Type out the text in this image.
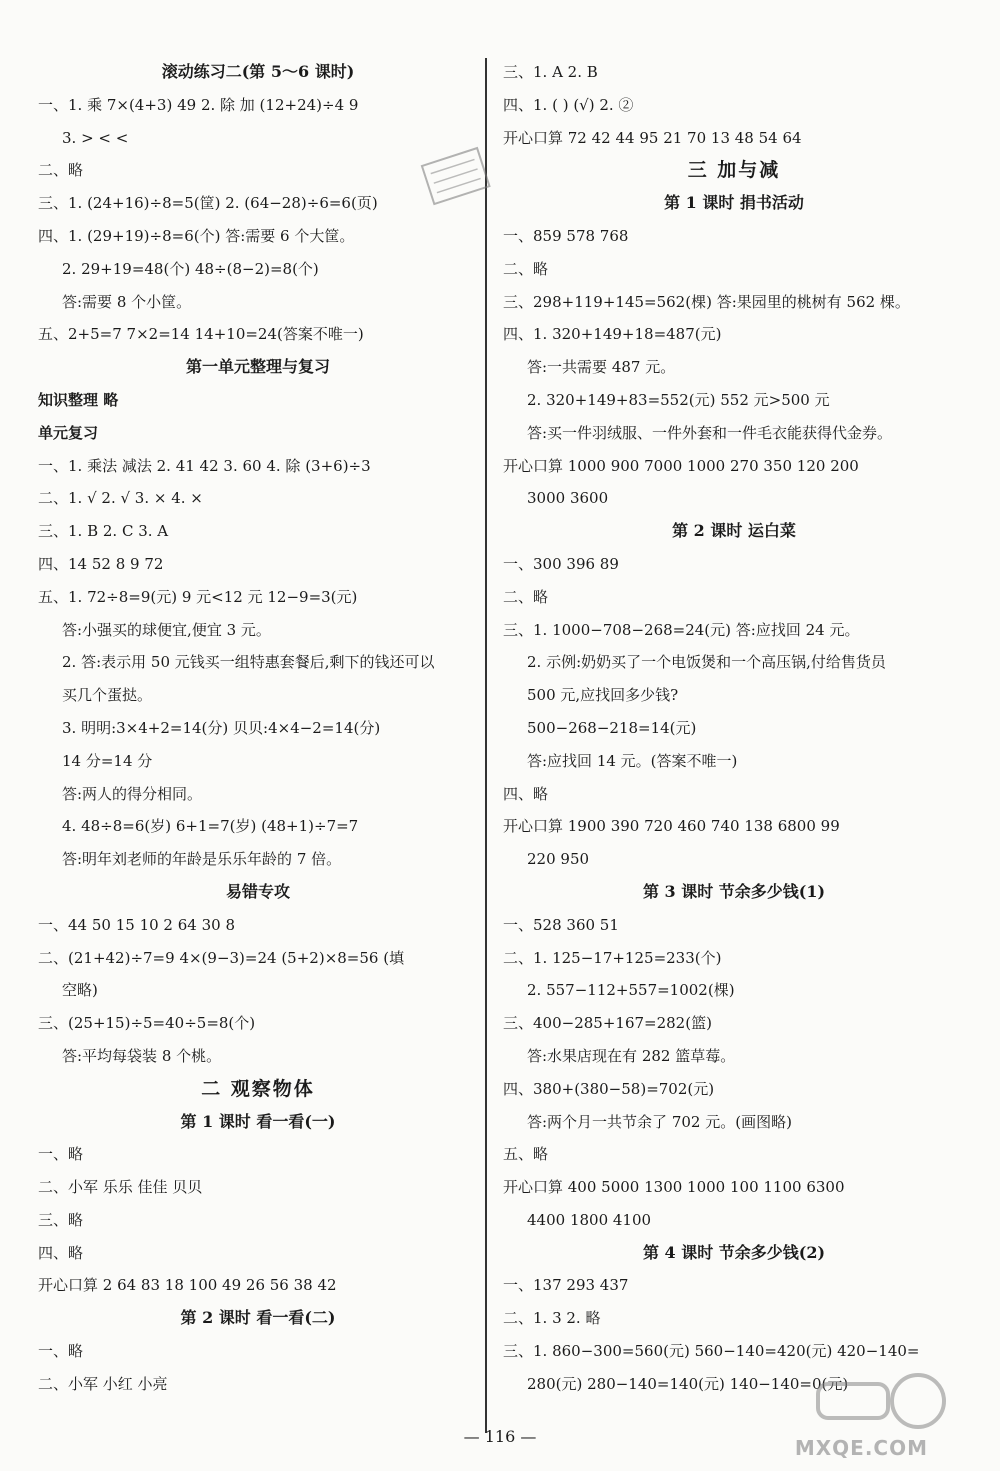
滚动练习二(第 5～6 课时)
一、1. 乘 7×(4+3) 49 2. 除 加 (12+24)÷4 9
3. > < <
二、略
三、1. (24+16)÷8=5(筐) 2. (64−28)÷6=6(页)
四、1. (29+19)÷8=6(个) 答:需要 6 个大筐。
2. 29+19=48(个) 48÷(8−2)=8(个)
答:需要 8 个小筐。
五、2+5=7 7×2=14 14+10=24(答案不唯一)
第一单元整理与复习
知识整理 略
单元复习
一、1. 乘法 减法 2. 41 42 3. 60 4. 除 (3+6)÷3
二、1. √ 2. √ 3. × 4. ×
三、1. B 2. C 3. A
四、14 52 8 9 72
五、1. 72÷8=9(元) 9 元<12 元 12−9=3(元)
答:小强买的球便宜,便宜 3 元。
2. 答:表示用 50 元钱买一组特惠套餐后,剩下的钱还可以
买几个蛋挞。
3. 明明:3×4+2=14(分) 贝贝:4×4−2=14(分)
14 分=14 分
答:两人的得分相同。
4. 48÷8=6(岁) 6+1=7(岁) (48+1)÷7=7
答:明年刘老师的年龄是乐乐年龄的 7 倍。
易错专攻
一、44 50 15 10 2 64 30 8
二、(21+42)÷7=9 4×(9−3)=24 (5+2)×8=56 (填
空略)
三、(25+15)÷5=40÷5=8(个)
答:平均每袋装 8 个桃。
二 观察物体
第 1 课时 看一看(一)
一、略
二、小军 乐乐 佳佳 贝贝
三、略
四、略
开心口算 2 64 83 18 100 49 26 56 38 42
第 2 课时 看一看(二)
一、略
二、小军 小红 小亮
三、1. A 2. B
四、1. ( ) (√) 2. ②
开心口算 72 42 44 95 21 70 13 48 54 64
三 加与减
第 1 课时 捐书活动
一、859 578 768
二、略
三、298+119+145=562(棵) 答:果园里的桃树有 562 棵。
四、1. 320+149+18=487(元)
答:一共需要 487 元。
2. 320+149+83=552(元) 552 元>500 元
答:买一件羽绒服、一件外套和一件毛衣能获得代金券。
开心口算 1000 900 7000 1000 270 350 120 200
3000 3600
第 2 课时 运白菜
一、300 396 89
二、略
三、1. 1000−708−268=24(元) 答:应找回 24 元。
2. 示例:奶奶买了一个电饭煲和一个高压锅,付给售货员
500 元,应找回多少钱?
500−268−218=14(元)
答:应找回 14 元。(答案不唯一)
四、略
开心口算 1900 390 720 460 740 138 6800 99
220 950
第 3 课时 节余多少钱(1)
一、528 360 51
二、1. 125−17+125=233(个)
2. 557−112+557=1002(棵)
三、400−285+167=282(篮)
答:水果店现在有 282 篮草莓。
四、380+(380−58)=702(元)
答:两个月一共节余了 702 元。(画图略)
五、略
开心口算 400 5000 1300 1000 100 1100 6300
4400 1800 4100
第 4 课时 节余多少钱(2)
一、137 293 437
二、1. 3 2. 略
三、1. 860−300=560(元) 560−140=420(元) 420−140=
280(元) 280−140=140(元) 140−140=0(元)
— 116 —	MXQE.COM
